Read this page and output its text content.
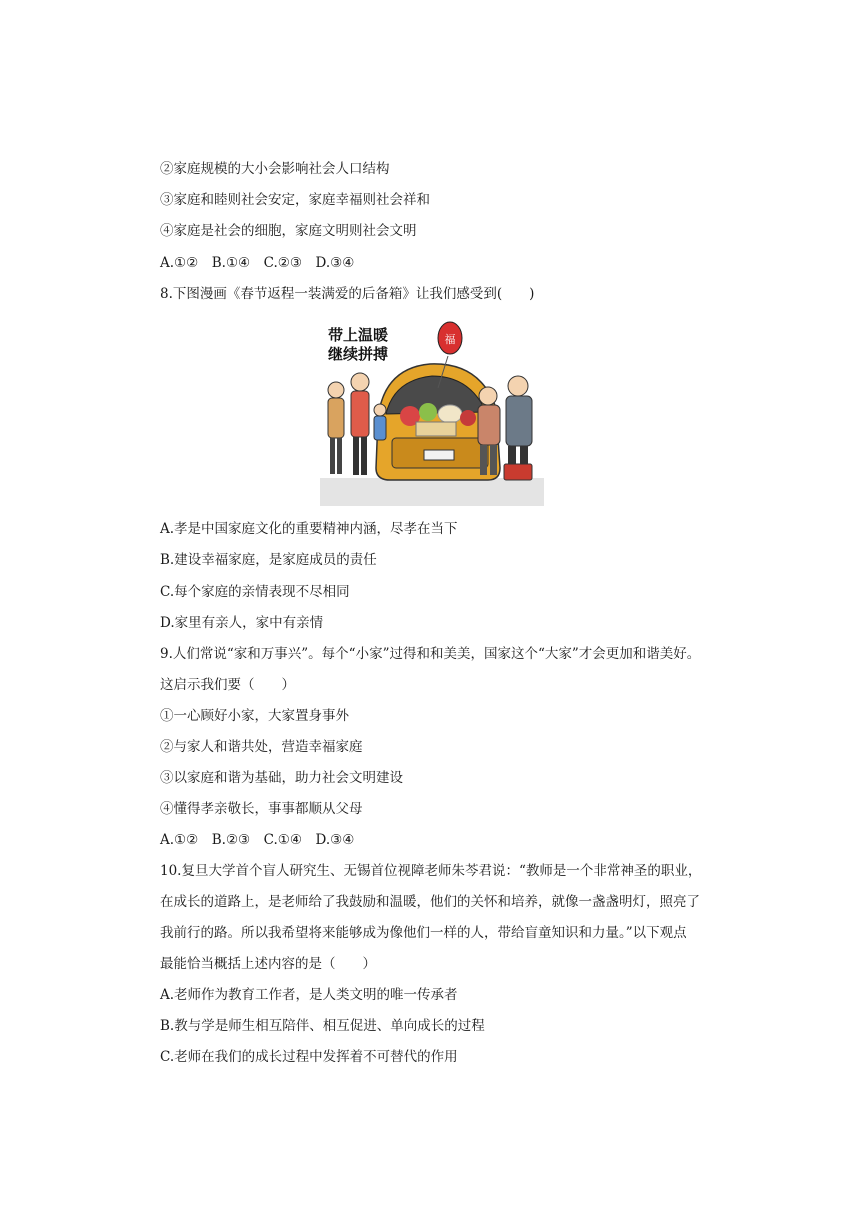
②家庭规模的大小会影响社会人口结构
③家庭和睦则社会安定，家庭幸福则社会祥和
④家庭是社会的细胞，家庭文明则社会文明
A.①②　B.①④　C.②③　D.③④
8.下图漫画《春节返程一装满爱的后备箱》让我们感受到(　　)
福
带上温暖
继续拼搏
A.孝是中国家庭文化的重要精神内涵，尽孝在当下
B.建设幸福家庭，是家庭成员的责任
C.每个家庭的亲情表现不尽相同
D.家里有亲人，家中有亲情
9.人们常说“家和万事兴”。每个“小家”过得和和美美，国家这个“大家”才会更加和谐美好。
这启示我们要（　　）
①一心顾好小家，大家置身事外
②与家人和谐共处，营造幸福家庭
③以家庭和谐为基础，助力社会文明建设
④懂得孝亲敬长，事事都顺从父母
A.①②　B.②③　C.①④　D.③④
10.复旦大学首个盲人研究生、无锡首位视障老师朱芩君说：“教师是一个非常神圣的职业，
在成长的道路上，是老师给了我鼓励和温暖，他们的关怀和培养，就像一盏盏明灯，照亮了
我前行的路。所以我希望将来能够成为像他们一样的人，带给盲童知识和力量。”以下观点
最能恰当概括上述内容的是（　　）
A.老师作为教育工作者，是人类文明的唯一传承者
B.教与学是师生相互陪伴、相互促进、单向成长的过程
C.老师在我们的成长过程中发挥着不可替代的作用
